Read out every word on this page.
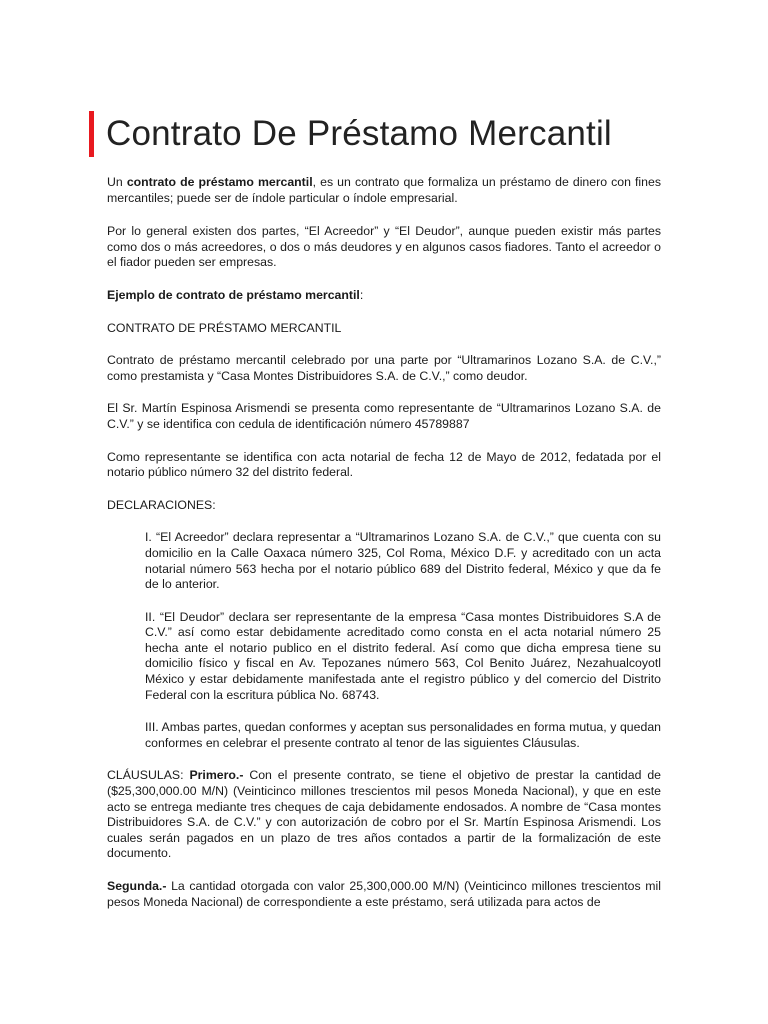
Contrato De Préstamo Mercantil

Un contrato de préstamo mercantil, es un contrato que formaliza un préstamo de dinero con fines mercantiles; puede ser de índole particular o índole empresarial.

Por lo general existen dos partes, “El Acreedor” y “El Deudor”, aunque pueden existir más partes como dos o más acreedores, o dos o más deudores y en algunos casos fiadores. Tanto el acreedor o el fiador pueden ser empresas.

Ejemplo de contrato de préstamo mercantil:

CONTRATO DE PRÉSTAMO MERCANTIL

Contrato de préstamo mercantil celebrado por una parte por “Ultramarinos Lozano S.A. de C.V.,” como prestamista y “Casa Montes Distribuidores S.A. de C.V.,” como deudor.

El Sr. Martín Espinosa Arismendi se presenta como representante de “Ultramarinos Lozano S.A. de C.V.” y se identifica con cedula de identificación número 45789887

Como representante se identifica con acta notarial de fecha 12 de Mayo de 2012, fedatada por el notario público número 32 del distrito federal.

DECLARACIONES:

I. “El Acreedor” declara representar a “Ultramarinos Lozano S.A. de C.V.,” que cuenta con su domicilio en la Calle Oaxaca número 325, Col Roma, México D.F. y acreditado con un acta notarial número 563 hecha por el notario público 689 del Distrito federal, México y que da fe de lo anterior.

II. “El Deudor” declara ser representante de la empresa “Casa montes Distribuidores S.A de C.V.” así como estar debidamente acreditado como consta en el acta notarial número 25 hecha ante el notario publico en el distrito federal. Así como que dicha empresa tiene su domicilio físico y fiscal en Av. Tepozanes número 563, Col Benito Juárez, Nezahualcoyotl México y estar debidamente manifestada ante el registro público y del comercio del Distrito Federal con la escritura pública No. 68743.

III. Ambas partes, quedan conformes y aceptan sus personalidades en forma mutua, y quedan conformes en celebrar el presente contrato al tenor de las siguientes Cláusulas.

CLÁUSULAS: Primero.- Con el presente contrato, se tiene el objetivo de prestar la cantidad de ($25,300,000.00 M/N) (Veinticinco millones trescientos mil pesos Moneda Nacional), y que en este acto se entrega mediante tres cheques de caja debidamente endosados. A nombre de “Casa montes Distribuidores S.A. de C.V.” y con autorización de cobro por el Sr. Martín Espinosa Arismendi. Los cuales serán pagados en un plazo de tres años contados a partir de la formalización de este documento.

Segunda.- La cantidad otorgada con valor 25,300,000.00 M/N) (Veinticinco millones trescientos mil pesos Moneda Nacional) de correspondiente a este préstamo, será utilizada para actos de
